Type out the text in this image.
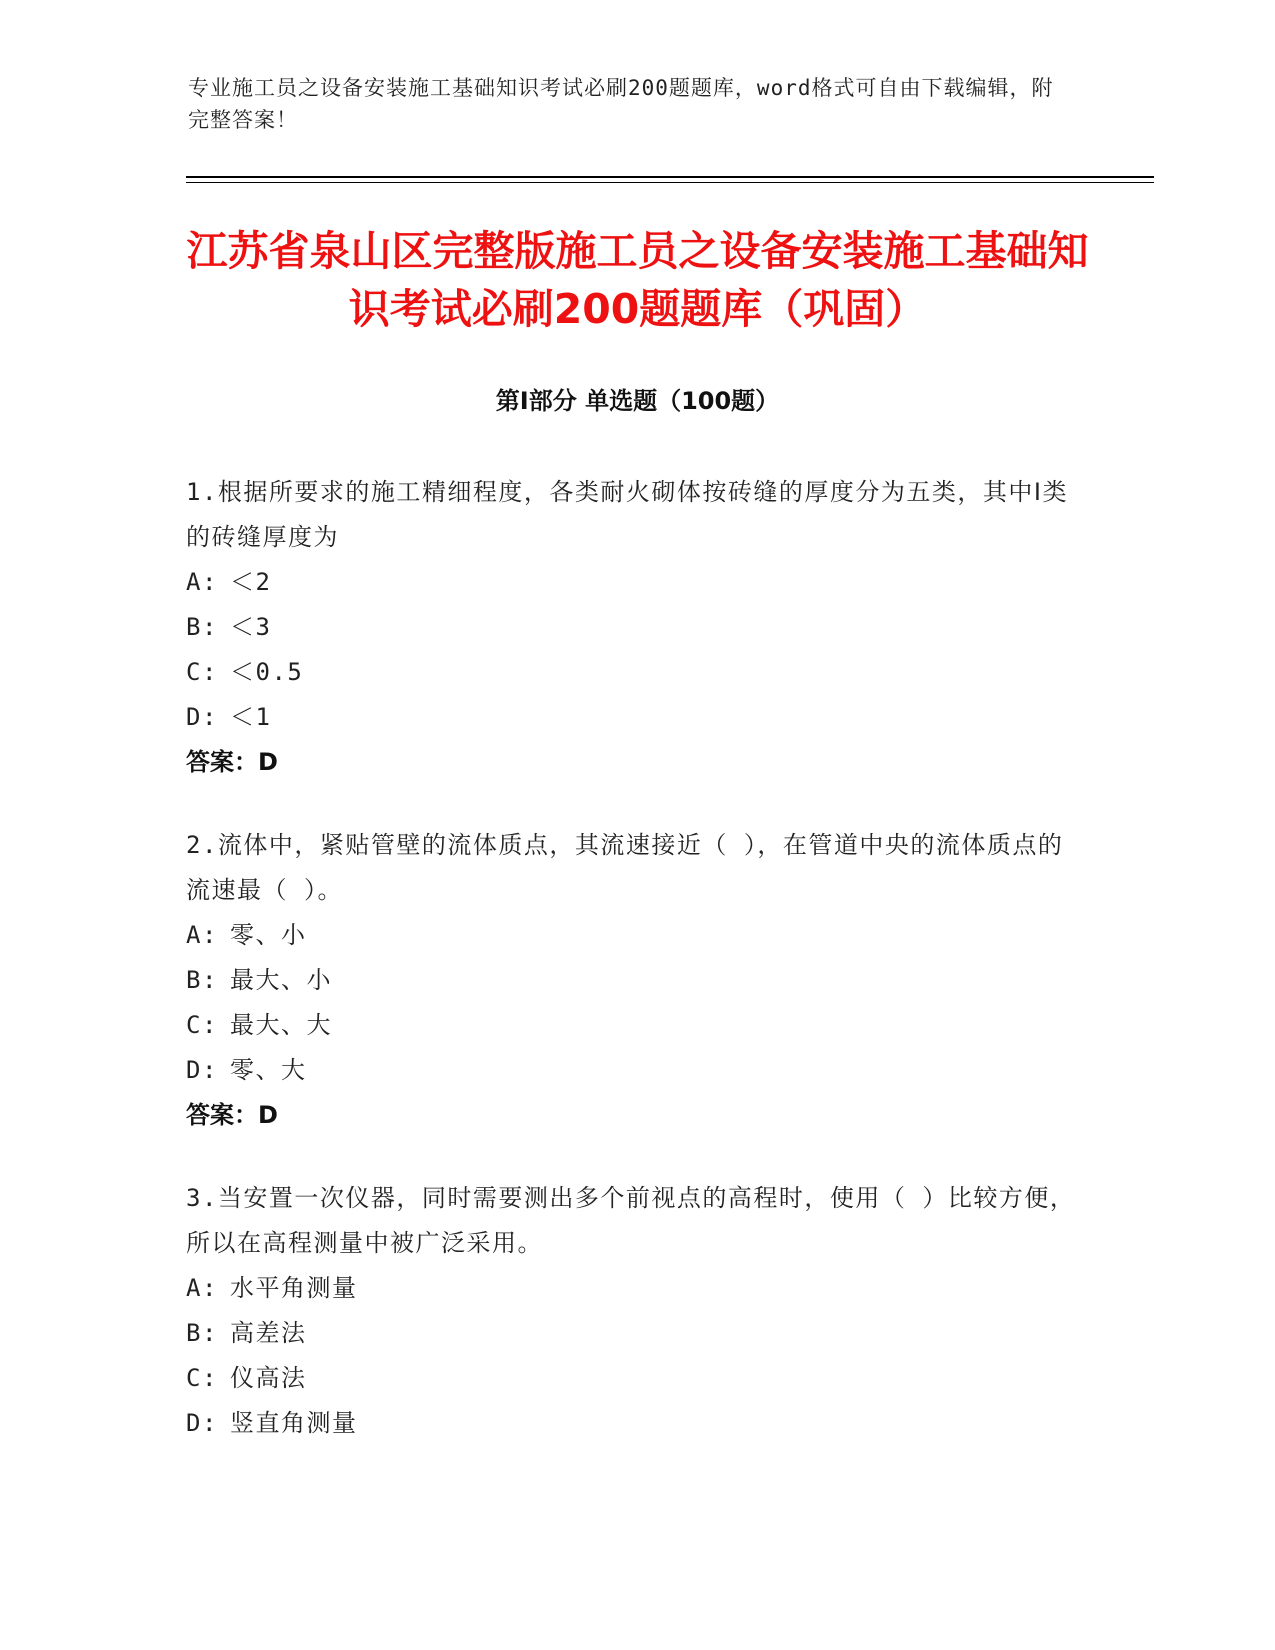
专业施工员之设备安装施工基础知识考试必刷200题题库，word格式可自由下载编辑，附完整答案！
江苏省泉山区完整版施工员之设备安装施工基础知识考试必刷200题题库（巩固）
第I部分 单选题（100题）

1.根据所要求的施工精细程度，各类耐火砌体按砖缝的厚度分为五类，其中Ⅰ类的砖缝厚度为

A: ＜2

B: ＜3

C: ＜0.5

D: ＜1

答案：D

2.流体中，紧贴管壁的流体质点，其流速接近（ ），在管道中央的流体质点的流速最（ ）。

A: 零、小

B: 最大、小

C: 最大、大

D: 零、大

答案：D

3.当安置一次仪器，同时需要测出多个前视点的高程时，使用（ ）比较方便，所以在高程测量中被广泛采用。

A: 水平角测量

B: 高差法

C: 仪高法

D: 竖直角测量
